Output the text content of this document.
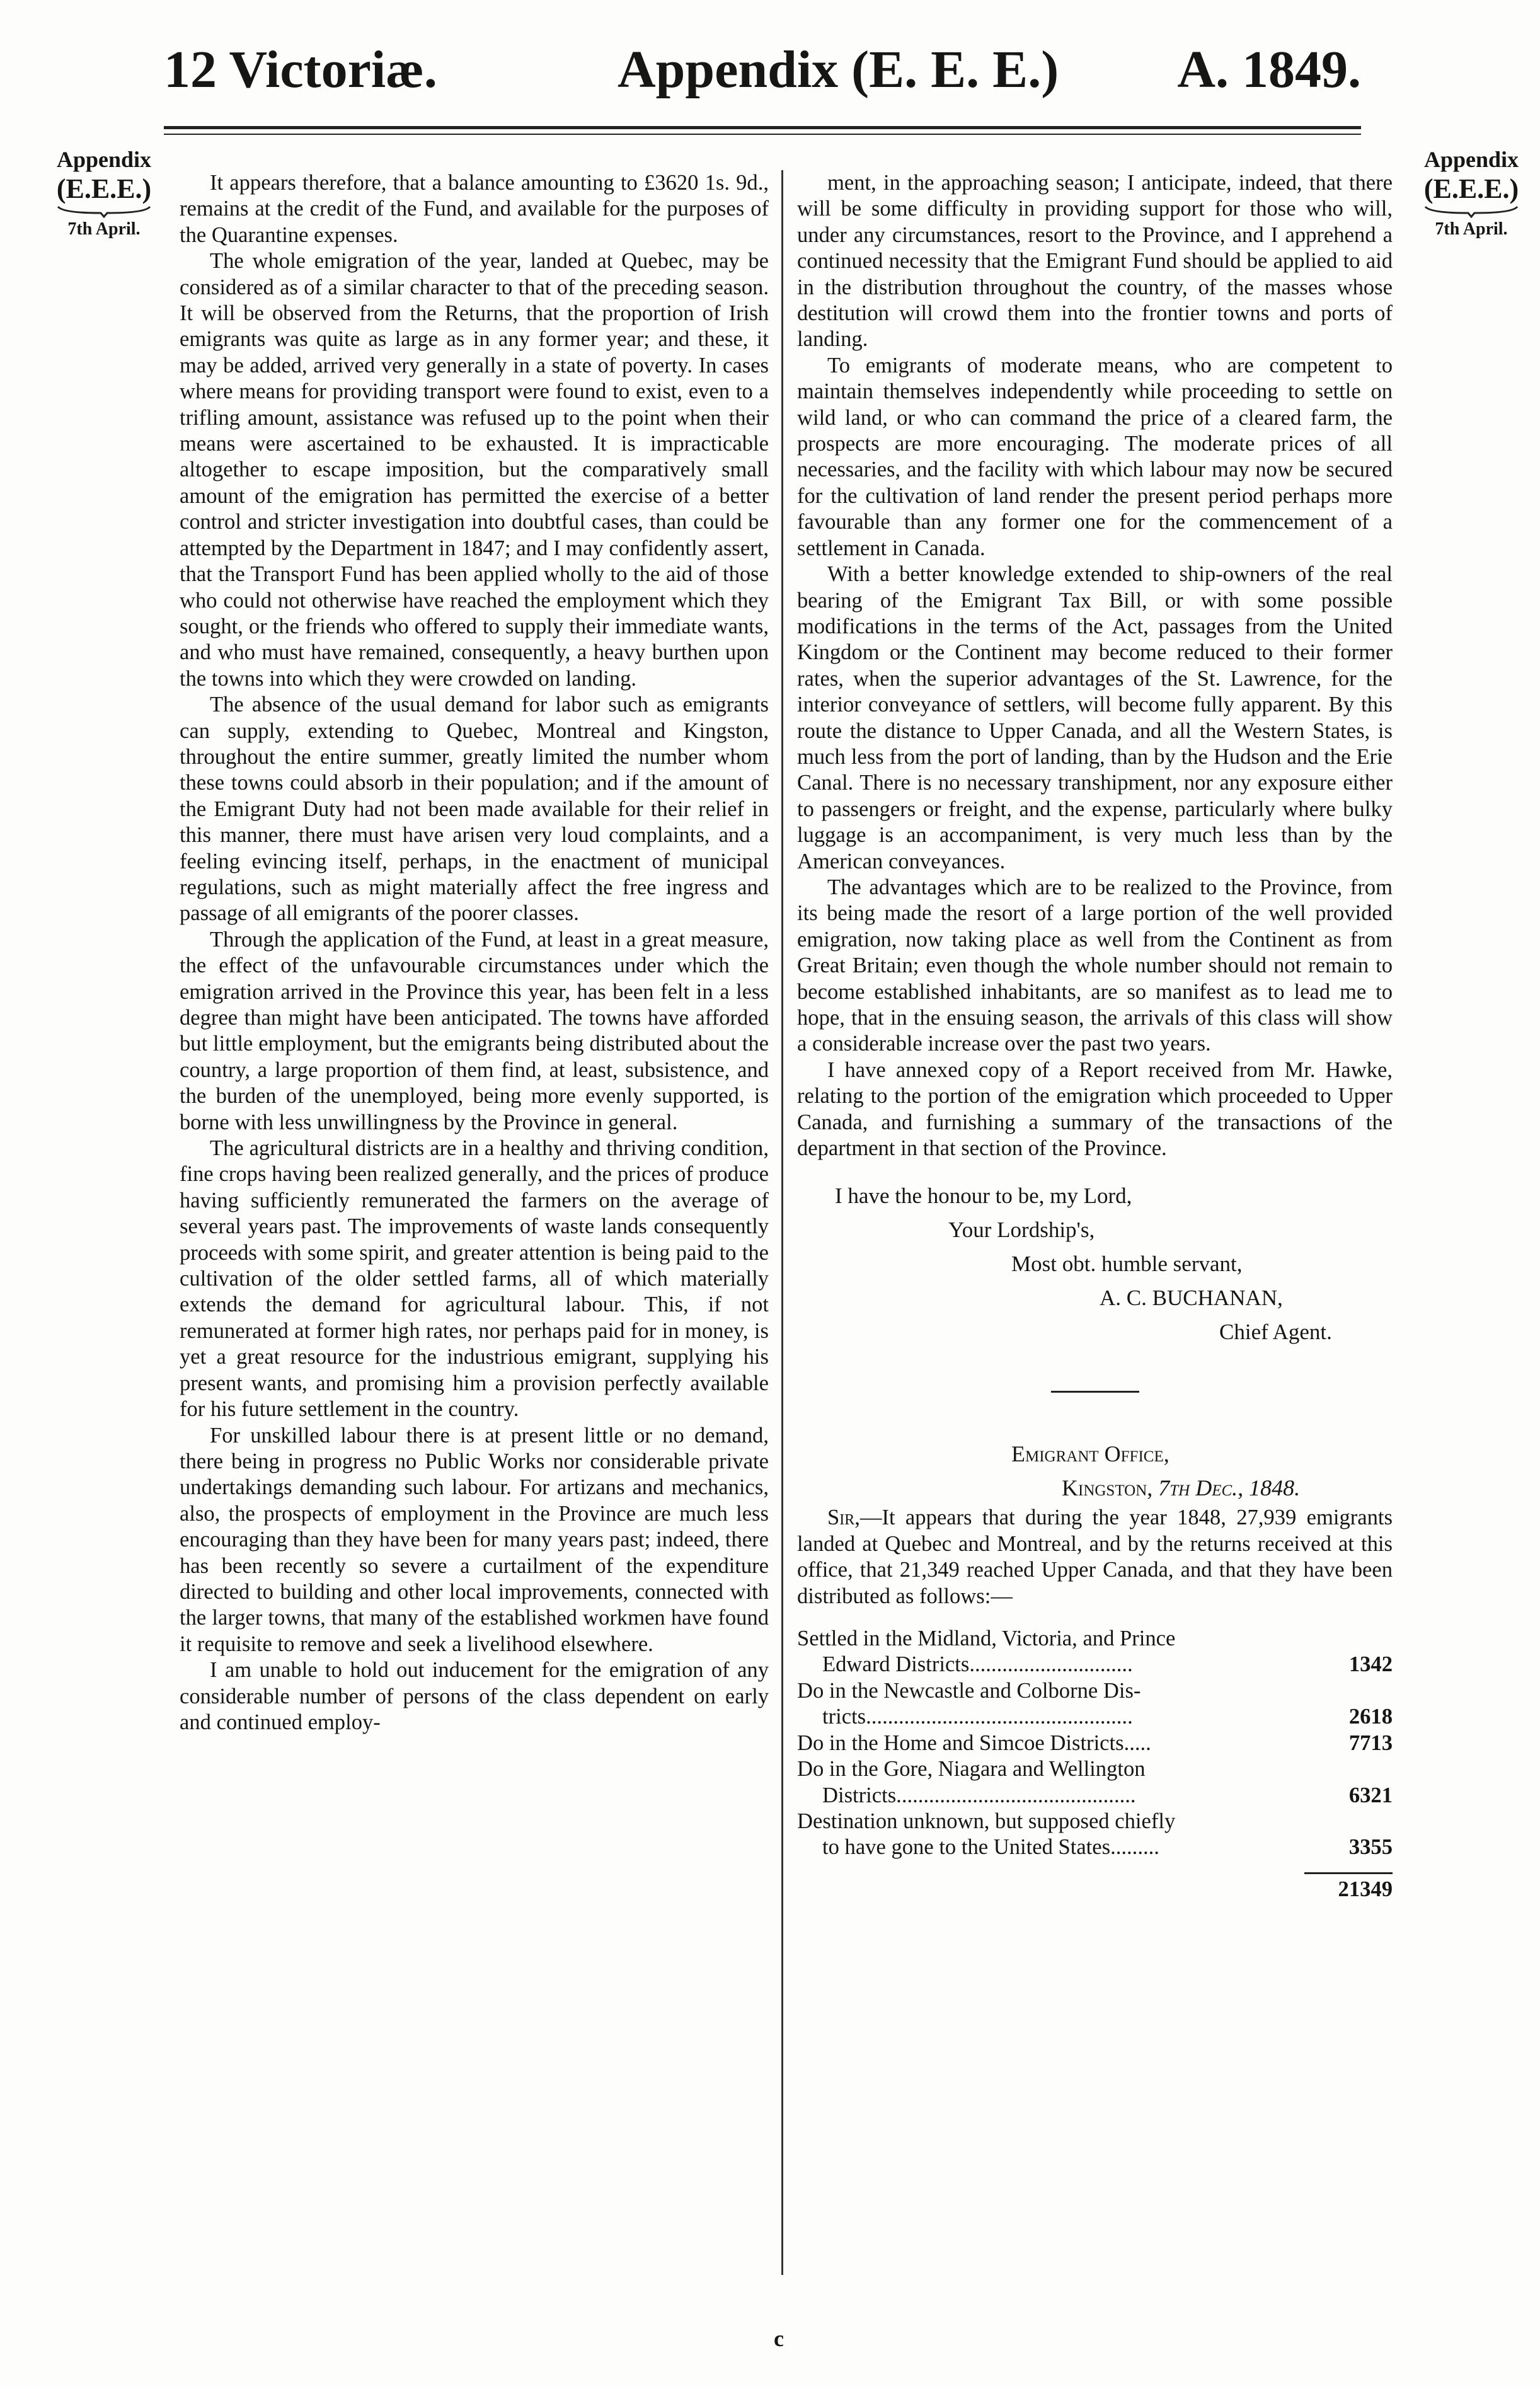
12 Victoriæ.	Appendix (E. E. E.) A. 1849.
Appendix
(E.E.E.)
7th April.
Appendix
(E.E.E.)
7th April.

It appears therefore, that a balance amounting to £3620 1s. 9d., remains at the credit of the Fund, and available for the purposes of the Quarantine expenses.

The whole emigration of the year, landed at Quebec, may be considered as of a similar character to that of the preceding season. It will be observed from the Returns, that the proportion of Irish emigrants was quite as large as in any former year; and these, it may be added, arrived very generally in a state of poverty. In cases where means for providing transport were found to exist, even to a trifling amount, assistance was refused up to the point when their means were ascertained to be exhausted. It is impracticable altogether to escape imposition, but the comparatively small amount of the emigration has permitted the exercise of a better control and stricter investigation into doubtful cases, than could be attempted by the Department in 1847; and I may confidently assert, that the Transport Fund has been applied wholly to the aid of those who could not otherwise have reached the employment which they sought, or the friends who offered to supply their immediate wants, and who must have remained, consequently, a heavy burthen upon the towns into which they were crowded on landing.

The absence of the usual demand for labor such as emigrants can supply, extending to Quebec, Montreal and Kingston, throughout the entire summer, greatly limited the number whom these towns could absorb in their population; and if the amount of the Emigrant Duty had not been made available for their relief in this manner, there must have arisen very loud complaints, and a feeling evincing itself, perhaps, in the enactment of municipal regulations, such as might materially affect the free ingress and passage of all emigrants of the poorer classes.

Through the application of the Fund, at least in a great measure, the effect of the unfavourable circumstances under which the emigration arrived in the Province this year, has been felt in a less degree than might have been anticipated. The towns have afforded but little employment, but the emigrants being distributed about the country, a large proportion of them find, at least, subsistence, and the burden of the unemployed, being more evenly supported, is borne with less unwillingness by the Province in general.

The agricultural districts are in a healthy and thriving condition, fine crops having been realized generally, and the prices of produce having sufficiently remunerated the farmers on the average of several years past. The improvements of waste lands consequently proceeds with some spirit, and greater attention is being paid to the cultivation of the older settled farms, all of which materially extends the demand for agricultural labour. This, if not remunerated at former high rates, nor perhaps paid for in money, is yet a great resource for the industrious emigrant, supplying his present wants, and promising him a provision perfectly available for his future settlement in the country.

For unskilled labour there is at present little or no demand, there being in progress no Public Works nor considerable private undertakings demanding such labour. For artizans and mechanics, also, the prospects of employment in the Province are much less encouraging than they have been for many years past; indeed, there has been recently so severe a curtailment of the expenditure directed to building and other local improvements, connected with the larger towns, that many of the established workmen have found it requisite to remove and seek a livelihood elsewhere.

I am unable to hold out inducement for the emigration of any considerable number of persons of the class dependent on early and continued employ-

ment, in the approaching season; I anticipate, indeed, that there will be some difficulty in providing support for those who will, under any circumstances, resort to the Province, and I apprehend a continued necessity that the Emigrant Fund should be applied to aid in the distribution throughout the country, of the masses whose destitution will crowd them into the frontier towns and ports of landing.

To emigrants of moderate means, who are competent to maintain themselves independently while proceeding to settle on wild land, or who can command the price of a cleared farm, the prospects are more encouraging. The moderate prices of all necessaries, and the facility with which labour may now be secured for the cultivation of land render the present period perhaps more favourable than any former one for the commencement of a settlement in Canada.

With a better knowledge extended to ship-owners of the real bearing of the Emigrant Tax Bill, or with some possible modifications in the terms of the Act, passages from the United Kingdom or the Continent may become reduced to their former rates, when the superior advantages of the St. Lawrence, for the interior conveyance of settlers, will become fully apparent. By this route the distance to Upper Canada, and all the Western States, is much less from the port of landing, than by the Hudson and the Erie Canal. There is no necessary transhipment, nor any exposure either to passengers or freight, and the expense, particularly where bulky luggage is an accompaniment, is very much less than by the American conveyances.

The advantages which are to be realized to the Province, from its being made the resort of a large portion of the well provided emigration, now taking place as well from the Continent as from Great Britain; even though the whole number should not remain to become established inhabitants, are so manifest as to lead me to hope, that in the ensuing season, the arrivals of this class will show a considerable increase over the past two years.

I have annexed copy of a Report received from Mr. Hawke, relating to the portion of the emigration which proceeded to Upper Canada, and furnishing a summary of the transactions of the department in that section of the Province.

I have the honour to be, my Lord,
Your Lordship's,
Most obt. humble servant,
A. C. BUCHANAN,
Chief Agent.
Emigrant Office,
Kingston, 7th Dec., 1848.

Sir,—It appears that during the year 1848, 27,939 emigrants landed at Quebec and Montreal, and by the returns received at this office, that 21,349 reached Upper Canada, and that they have been distributed as follows:—

Settled in the Midland, Victoria, and Prince
Edward Districts..............................	1342

Do in the Newcastle and Colborne Dis-
tricts.................................................	2618

Do in the Home and Simcoe Districts.....	7713

Do in the Gore, Niagara and Wellington
Districts............................................	6321

Destination unknown, but supposed chiefly
to have gone to the United States.........	3355
21349
c
